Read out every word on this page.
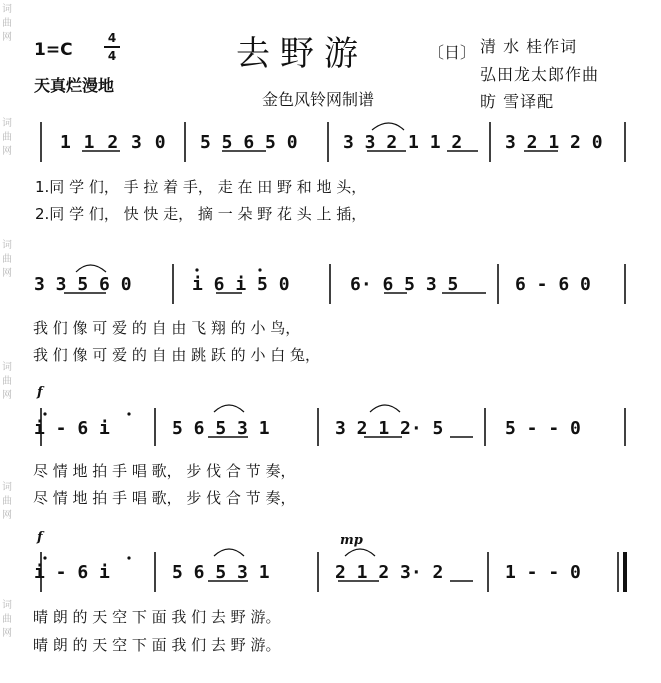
词
曲
网
词
曲
网
词
曲
网
词
曲
网
词
曲
网
词
曲
网
1=C
4
4
天真烂漫地
去野游
金色风铃网制谱
〔日〕 清 水 桂作词
弘田龙太郎作曲
昉 雪译配
1 1 2 3 0 5 5 6 5 0	3 3 2 1 1 2 3 2 1 2 0
1.同 学 们， 手 拉 着 手， 走 在 田 野 和 地 头，
2.同 学 们， 快 快 走， 摘 一 朵 野 花 头 上 插，
3 3 5 6 0	i 6 i 5 0	6· 6 5 3 5	6 - 6 0
我 们 像 可 爱 的 自 由 飞 翔 的 小 鸟，
我 们 像 可 爱 的 自 由 跳 跃 的 小 白 兔，
f
i - 6 i	5 6 5 3 1	3 2 1 2· 5	5 - - 0
尽 情 地 拍 手 唱 歌， 步 伐 合 节 奏，
尽 情 地 拍 手 唱 歌， 步 伐 合 节 奏，
f	mp
i - 6 i	5 6 5 3 1	2 1 2 3· 2	1 - - 0
晴 朗 的 天 空 下 面 我 们 去 野 游。
晴 朗 的 天 空 下 面 我 们 去 野 游。
